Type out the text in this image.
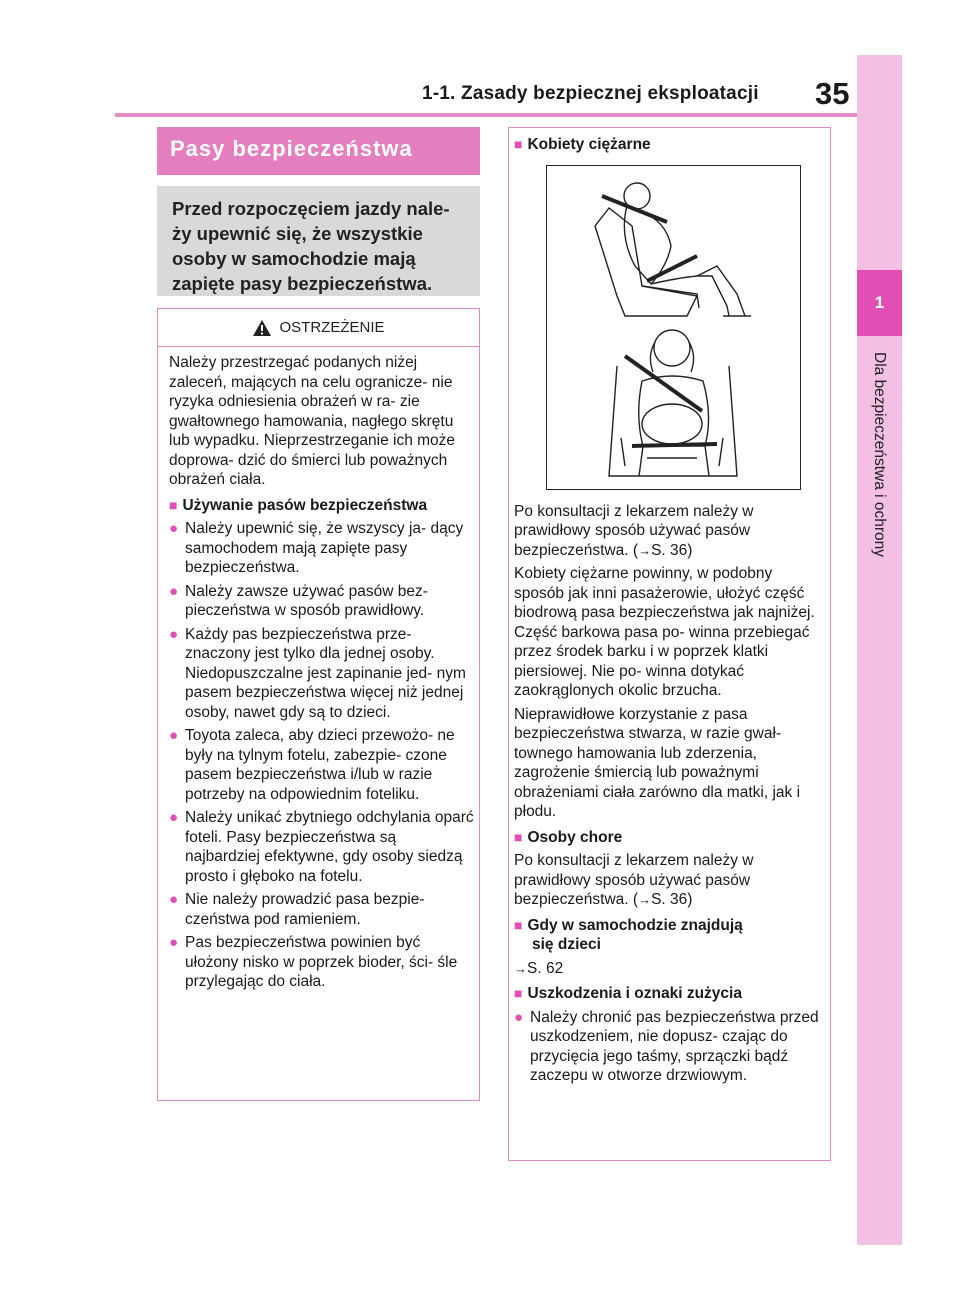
1-1. Zasady bezpiecznej eksploatacji 35
1
Dla bezpieczeństwa i ochrony
Pasy bezpieczeństwa
Przed rozpoczęciem jazdy nale- ży upewnić się, że wszystkie osoby w samochodzie mają zapięte pasy bezpieczeństwa.
OSTRZEŻENIE

Należy przestrzegać podanych niżej zaleceń, mających na celu ogranicze- nie ryzyka odniesienia obrażeń w ra- zie gwałtownego hamowania, nagłego skrętu lub wypadku. Nieprzestrzeganie ich może doprowa- dzić do śmierci lub poważnych obrażeń ciała.

■ Używanie pasów bezpieczeństwa
● Należy upewnić się, że wszyscy ja- dący samochodem mają zapięte pasy bezpieczeństwa.
● Należy zawsze używać pasów bez- pieczeństwa w sposób prawidłowy.
● Każdy pas bezpieczeństwa prze- znaczony jest tylko dla jednej osoby. Niedopuszczalne jest zapinanie jed- nym pasem bezpieczeństwa więcej niż jednej osoby, nawet gdy są to dzieci.
● Toyota zaleca, aby dzieci przewożo- ne były na tylnym fotelu, zabezpie- czone pasem bezpieczeństwa i/lub w razie potrzeby na odpowiednim foteliku.
● Należy unikać zbytniego odchylania oparć foteli. Pasy bezpieczeństwa są najbardziej efektywne, gdy osoby siedzą prosto i głęboko na fotelu.
● Nie należy prowadzić pasa bezpie- czeństwa pod ramieniem.
● Pas bezpieczeństwa powinien być ułożony nisko w poprzek bioder, ści- śle przylegając do ciała.
■ Kobiety ciężarne

Po konsultacji z lekarzem należy w prawidłowy sposób używać pasów bezpieczeństwa. (→S. 36)

Kobiety ciężarne powinny, w podobny sposób jak inni pasażerowie, ułożyć część biodrową pasa bezpieczeństwa jak najniżej. Część barkowa pasa po- winna przebiegać przez środek barku i w poprzek klatki piersiowej. Nie po- winna dotykać zaokrąglonych okolic brzucha.

Nieprawidłowe korzystanie z pasa bezpieczeństwa stwarza, w razie gwał- townego hamowania lub zderzenia, zagrożenie śmiercią lub poważnymi obrażeniami ciała zarówno dla matki, jak i płodu.

■ Osoby chore

Po konsultacji z lekarzem należy w prawidłowy sposób używać pasów bezpieczeństwa. (→S. 36)

■ Gdy w samochodzie znajdują
się dzieci

→S. 62

■ Uszkodzenia i oznaki zużycia
● Należy chronić pas bezpieczeństwa przed uszkodzeniem, nie dopusz- czając do przycięcia jego taśmy, sprzączki bądź zaczepu w otworze drzwiowym.
